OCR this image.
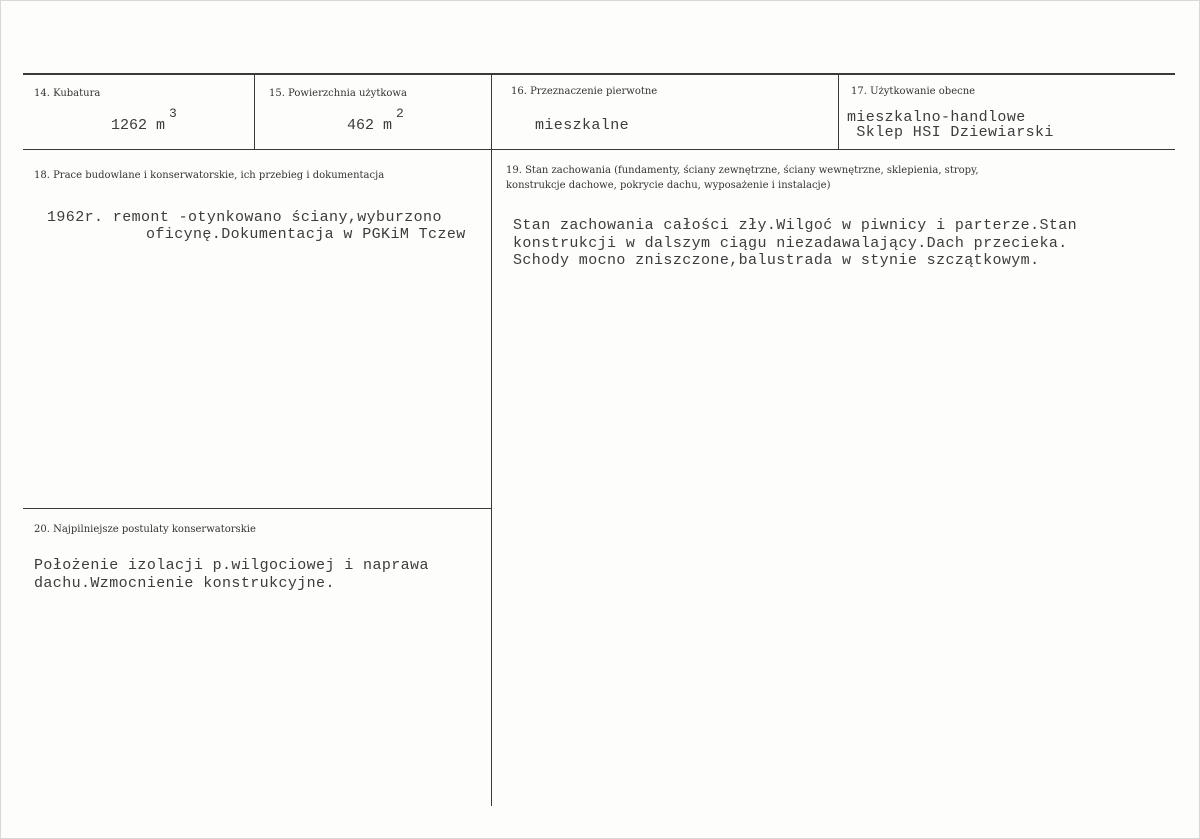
14. Kubatura
1262 m3
15. Powierzchnia użytkowa
462 m2
16. Przeznaczenie pierwotne
mieszkalne
17. Użytkowanie obecne
mieszkalno-handlowe
Sklep HSI Dziewiarski
18. Prace budowlane i konserwatorskie, ich przebieg i dokumentacja
1962r. remont -otynkowano ściany,wyburzono
oficynę.Dokumentacja w PGKiM Tczew
19. Stan zachowania (fundamenty, ściany zewnętrzne, ściany wewnętrzne, sklepienia, stropy,
konstrukcje dachowe, pokrycie dachu, wyposażenie i instalacje)
Stan zachowania całości zły.Wilgoć w piwnicy i parterze.Stan
konstrukcji w dalszym ciągu niezadawalający.Dach przecieka.
Schody mocno zniszczone,balustrada w stynie szczątkowym.
20. Najpilniejsze postulaty konserwatorskie
Położenie izolacji p.wilgociowej i naprawa
dachu.Wzmocnienie konstrukcyjne.
